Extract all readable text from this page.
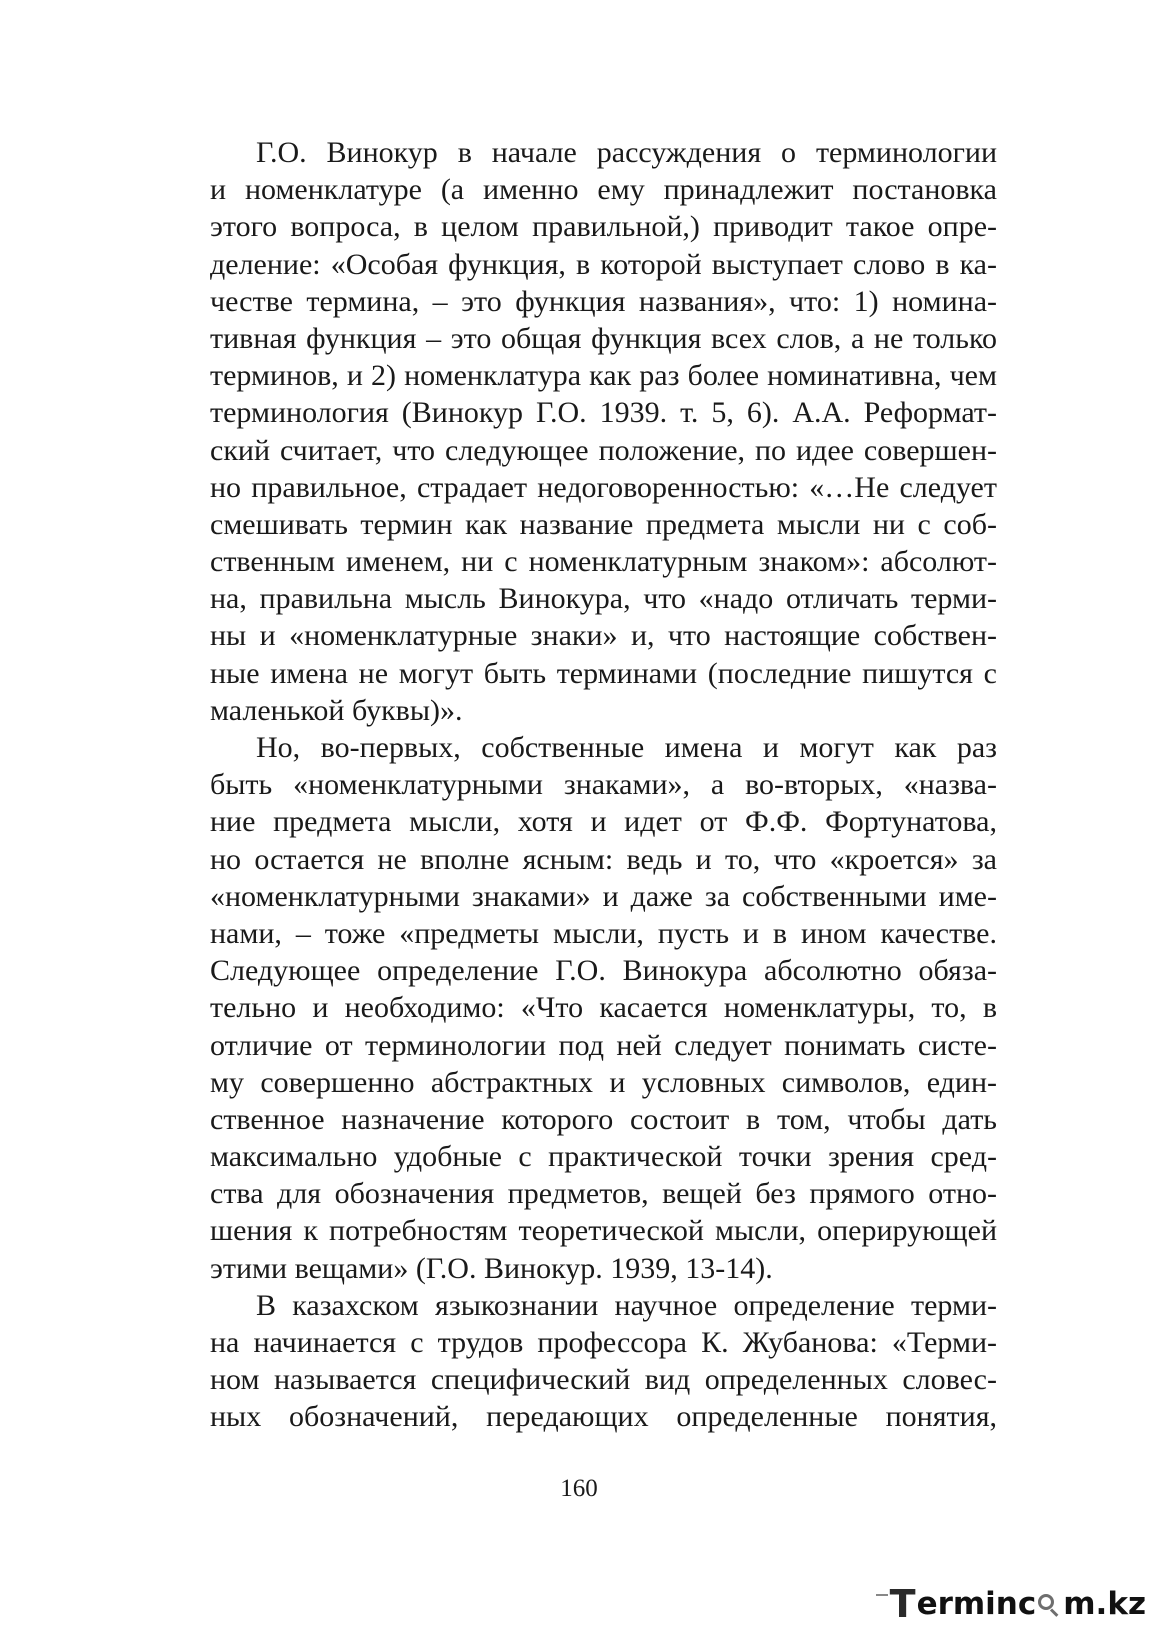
Г.О. Винокур в начале рассуждения о терминологии
и номенклатуре (а именно ему принадлежит постановка
этого вопроса, в целом правильной,) приводит такое опре-
деление: «Особая функция, в которой выступает слово в ка-
честве термина, – это функция названия», что: 1) номина-
тивная функция – это общая функция всех слов, а не только
терминов, и 2) номенклатура как раз более номинативна, чем
терминология (Винокур Г.О. 1939. т. 5, 6). А.А. Реформат-
ский считает, что следующее положение, по идее совершен-
но правильное, страдает недоговоренностью: «…Не следует
смешивать термин как название предмета мысли ни с соб-
ственным именем, ни с номенклатурным знаком»: абсолют-
на, правильна мысль Винокура, что «надо отличать терми-
ны и «номенклатурные знаки» и, что настоящие собствен-
ные имена не могут быть терминами (последние пишутся с
маленькой буквы)».
Но, во-первых, собственные имена и могут как раз
быть «номенклатурными знаками», а во-вторых, «назва-
ние предмета мысли, хотя и идет от Ф.Ф. Фортунатова,
но остается не вполне ясным: ведь и то, что «кроется» за
«номенклатурными знаками» и даже за собственными име-
нами, – тоже «предметы мысли, пусть и в ином качестве.
Следующее определение Г.О. Винокура абсолютно обяза-
тельно и необходимо: «Что касается номенклатуры, то, в
отличие от терминологии под ней следует понимать систе-
му совершенно абстрактных и условных символов, един-
ственное назначение которого состоит в том, чтобы дать
максимально удобные с практической точки зрения сред-
ства для обозначения предметов, вещей без прямого отно-
шения к потребностям теоретической мысли, оперирующей
этими вещами» (Г.О. Винокур. 1939, 13-14).
В казахском языкознании научное определение терми-
на начинается с трудов профессора К. Жубанова: «Терми-
ном называется специфический вид определенных словес-
ных обозначений, передающих определенные понятия,
160
T erminc m.kz
